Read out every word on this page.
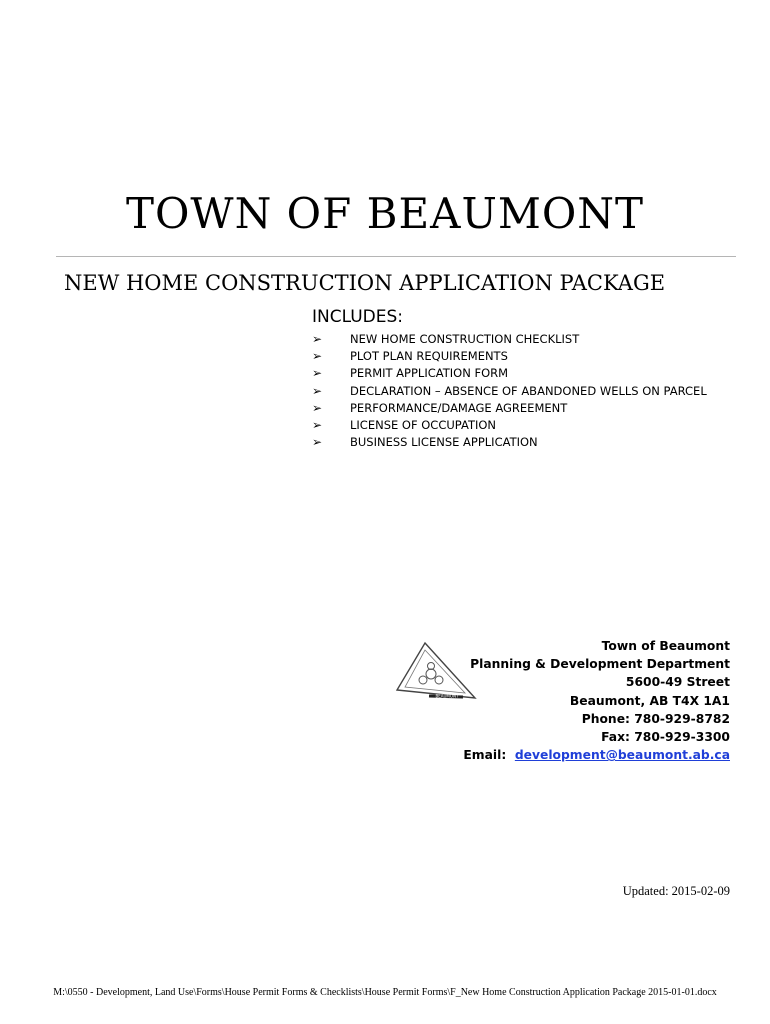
TOWN OF BEAUMONT
NEW HOME CONSTRUCTION APPLICATION PACKAGE
INCLUDES:
➢	NEW HOME CONSTRUCTION CHECKLIST
➢	PLOT PLAN REQUIREMENTS
➢	PERMIT APPLICATION FORM
➢	DECLARATION – ABSENCE OF ABANDONED WELLS ON PARCEL
➢	PERFORMANCE/DAMAGE AGREEMENT
➢	LICENSE OF OCCUPATION
➢	BUSINESS LICENSE APPLICATION
BEAUMONT
Town of Beaumont
Planning & Development Department
5600-49 Street
Beaumont, AB T4X 1A1
Phone: 780-929-8782
Fax: 780-929-3300
Email: development@beaumont.ab.ca
Updated: 2015-02-09
M:\0550 - Development, Land Use\Forms\House Permit Forms & Checklists\House Permit Forms\F_New Home Construction Application Package 2015-01-01.docx
